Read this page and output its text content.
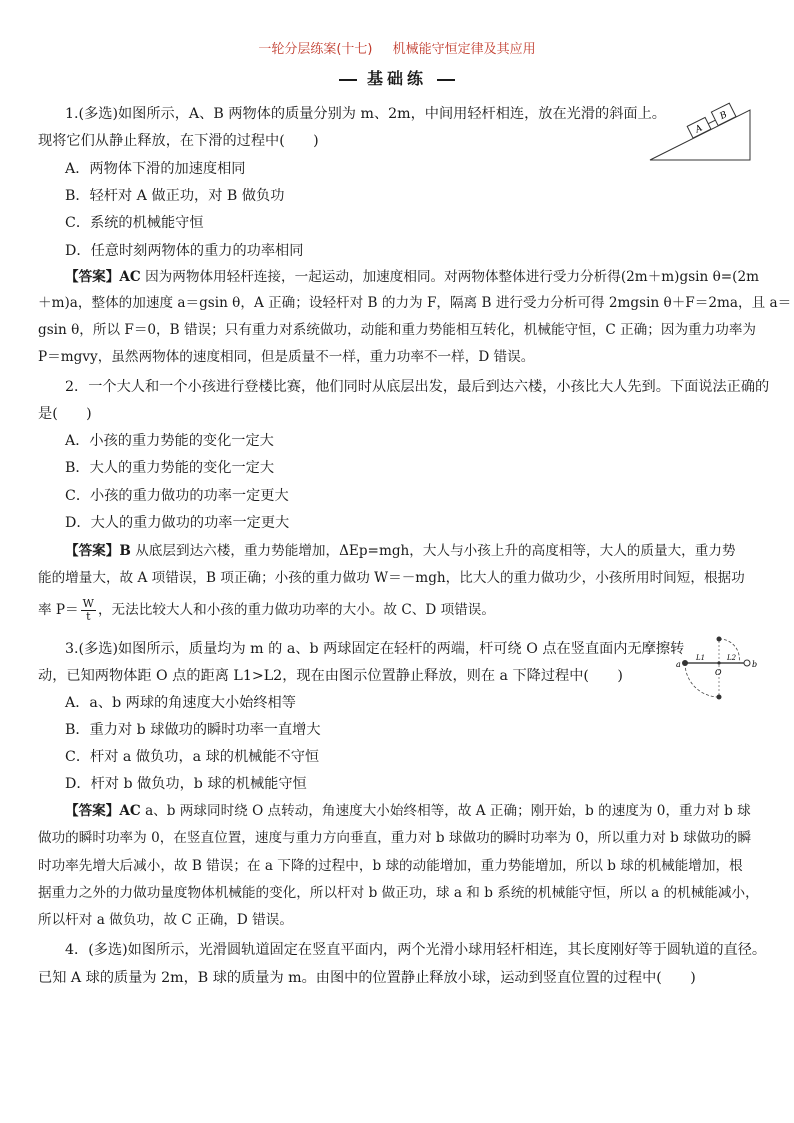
一轮分层练案(十七) 机械能守恒定律及其应用
基础练
1.(多选)如图所示，A、B 两物体的质量分别为 m、2m，中间用轻杆相连，放在光滑的斜面上。
现将它们从静止释放，在下滑的过程中(　　)
A．两物体下滑的加速度相同
B．轻杆对 A 做正功，对 B 做负功
C．系统的机械能守恒
D．任意时刻两物体的重力的功率相同
【答案】AC 因为两物体用轻杆连接，一起运动，加速度相同。对两物体整体进行受力分析得(2m＋m)gsin θ=(2m
＋m)a，整体的加速度 a＝gsin θ，A 正确；设轻杆对 B 的力为 F，隔离 B 进行受力分析可得 2mgsin θ＋F＝2ma，且 a＝
gsin θ，所以 F＝0，B 错误；只有重力对系统做功，动能和重力势能相互转化，机械能守恒，C 正确；因为重力功率为
P＝mgvy，虽然两物体的速度相同，但是质量不一样，重力功率不一样，D 错误。
A
B
2．一个大人和一个小孩进行登楼比赛，他们同时从底层出发，最后到达六楼，小孩比大人先到。下面说法正确的
是(　　)
A．小孩的重力势能的变化一定大
B．大人的重力势能的变化一定大
C．小孩的重力做功的功率一定更大
D．大人的重力做功的功率一定更大
【答案】B 从底层到达六楼，重力势能增加，ΔEp=mgh，大人与小孩上升的高度相等，大人的质量大，重力势
能的增量大，故 A 项错误，B 项正确；小孩的重力做功 W＝－mgh，比大人的重力做功少，小孩所用时间短，根据功
率 $P= \frac{W}{t}$ ，无法比较大人和小孩的重力做功功率的大小。故 C、D 项错误。
3.(多选)如图所示，质量均为 m 的 a、b 两球固定在轻杆的两端，杆可绕 O 点在竖直面内无摩擦转
动，已知两物体距 O 点的距离 L1>L2，现在由图示位置静止释放，则在 a 下降过程中(　　)
A．a、b 两球的角速度大小始终相等
B．重力对 b 球做功的瞬时功率一直增大
C．杆对 a 做负功，a 球的机械能不守恒
D．杆对 b 做负功，b 球的机械能守恒
【答案】AC a、b 两球同时绕 O 点转动，角速度大小始终相等，故 A 正确；刚开始，b 的速度为 0，重力对 b 球
做功的瞬时功率为 0，在竖直位置，速度与重力方向垂直，重力对 b 球做功的瞬时功率为 0，所以重力对 b 球做功的瞬
时功率先增大后减小，故 B 错误；在 a 下降的过程中，b 球的动能增加，重力势能增加，所以 b 球的机械能增加，根
据重力之外的力做功量度物体机械能的变化，所以杆对 b 做正功，球 a 和 b 系统的机械能守恒，所以 a 的机械能减小，
所以杆对 a 做负功，故 C 正确，D 错误。
a	b
O
L1	L2
4．(多选)如图所示，光滑圆轨道固定在竖直平面内，两个光滑小球用轻杆相连，其长度刚好等于圆轨道的直径。
已知 A 球的质量为 2m，B 球的质量为 m。由图中的位置静止释放小球，运动到竖直位置的过程中(　　)
